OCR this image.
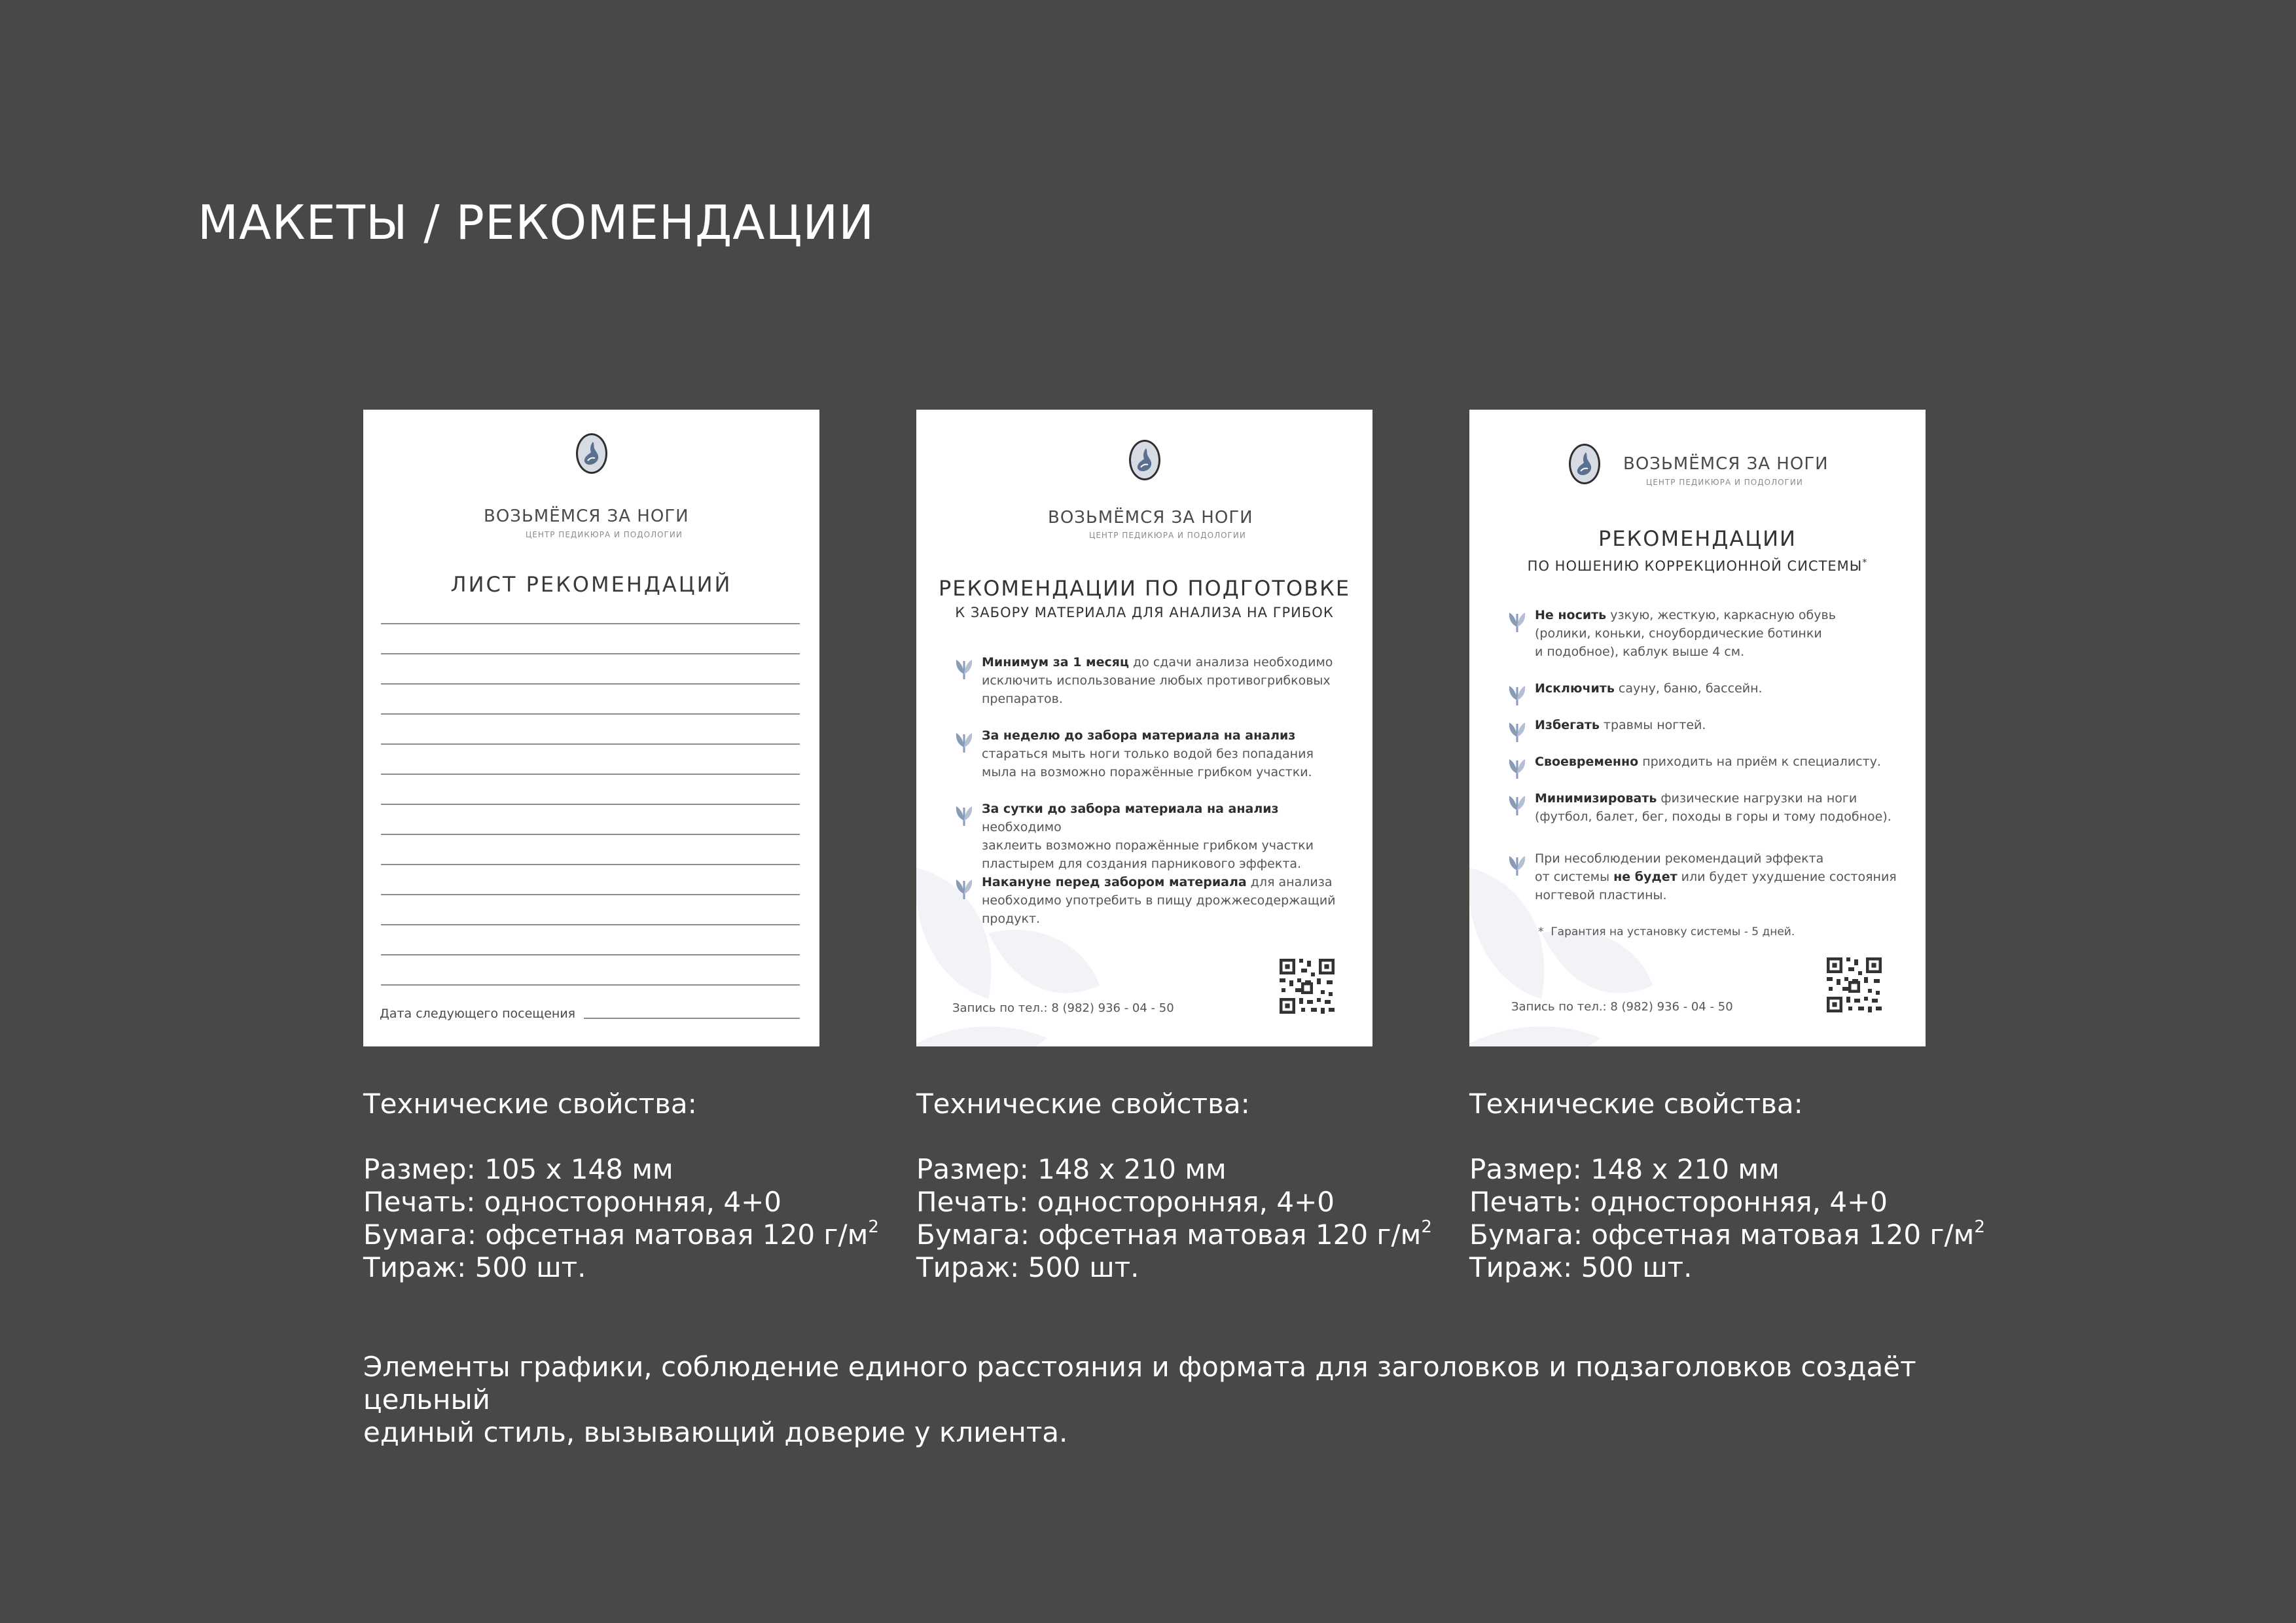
МАКЕТЫ / РЕКОМЕНДАЦИИ
ВОЗЬМЁМСЯ ЗА НОГИ
ЦЕНТР ПЕДИКЮРА И ПОДОЛОГИИ
ЛИСТ РЕКОМЕНДАЦИЙ
Дата следующего посещения
ВОЗЬМЁМСЯ ЗА НОГИ
ЦЕНТР ПЕДИКЮРА И ПОДОЛОГИИ
РЕКОМЕНДАЦИИ ПО ПОДГОТОВКЕ
К ЗАБОРУ МАТЕРИАЛА ДЛЯ АНАЛИЗА НА ГРИБОК
Минимум за 1 месяц до сдачи анализа необходимо
исключить использование любых противогрибковых
препаратов.
За неделю до забора материала на анализ
стараться мыть ноги только водой без попадания
мыла на возможно поражённые грибком участки.
За сутки до забора материала на анализ необходимо
заклеить возможно поражённые грибком участки
пластырем для создания парникового эффекта.
Накануне перед забором материала для анализа
необходимо употребить в пищу дрожжесодержащий
продукт.
Запись по тел.: 8 (982) 936 - 04 - 50
ВОЗЬМЁМСЯ ЗА НОГИ
ЦЕНТР ПЕДИКЮРА И ПОДОЛОГИИ
РЕКОМЕНДАЦИИ
ПО НОШЕНИЮ КОРРЕКЦИОННОЙ СИСТЕМЫ*
Не носить узкую, жесткую, каркасную обувь
(ролики, коньки, сноубордические ботинки
и подобное), каблук выше 4 см.
Исключить сауну, баню, бассейн.
Избегать травмы ногтей.
Своевременно приходить на приём к специалисту.
Минимизировать физические нагрузки на ноги
(футбол, балет, бег, походы в горы и тому подобное).
При несоблюдении рекомендаций эффекта
от системы не будет или будет ухудшение состояния
ногтевой пластины.
* Гарантия на установку системы - 5 дней.
Запись по тел.: 8 (982) 936 - 04 - 50
Технические свойства:
Размер: 105 х 148 мм
Печать: односторонняя, 4+0
Бумага: офсетная матовая 120 $г/м^2$
Тираж: 500 шт.
Технические свойства:
Размер: 148 х 210 мм
Печать: односторонняя, 4+0
Бумага: офсетная матовая 120 $г/м^2$
Тираж: 500 шт.
Технические свойства:
Размер: 148 х 210 мм
Печать: односторонняя, 4+0
Бумага: офсетная матовая 120 $г/м^2$
Тираж: 500 шт.
Элементы графики, соблюдение единого расстояния и формата для заголовков и подзаголовков создаёт цельный
единый стиль, вызывающий доверие у клиента.
